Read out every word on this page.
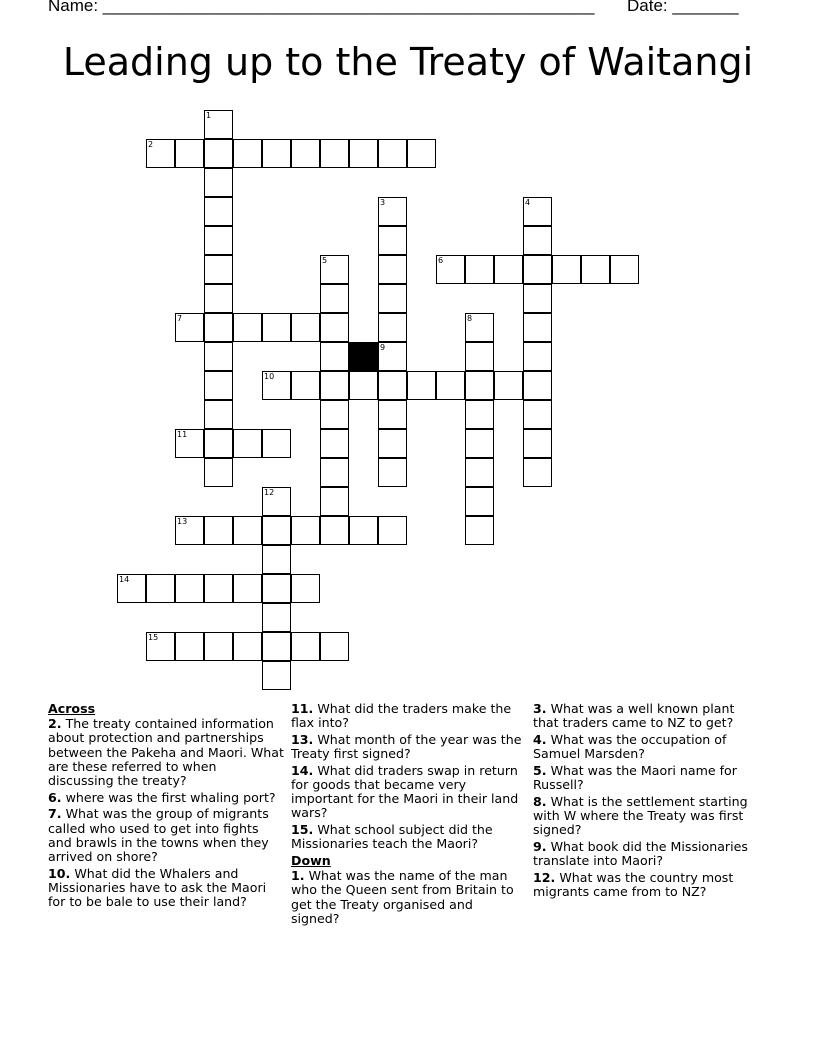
Name: ____________________________________________________ Date: _______
Leading up to the Treaty of Waitangi
1
2
3
9
4
5	6
7	8
10
11
12
13
14
15
Across
2. The treaty contained information about protection and partnerships between the Pakeha and Maori. What are these referred to when discussing the treaty?
6. where was the first whaling port?
7. What was the group of migrants called who used to get into fights and brawls in the towns when they arrived on shore?
10. What did the Whalers and Missionaries have to ask the Maori for to be bale to use their land?
11. What did the traders make the flax into?
13. What month of the year was the Treaty first signed?
14. What did traders swap in return for goods that became very important for the Maori in their land wars?
15. What school subject did the Missionaries teach the Maori?
Down
1. What was the name of the man who the Queen sent from Britain to get the Treaty organised and signed?
3. What was a well known plant that traders came to NZ to get?
4. What was the occupation of Samuel Marsden?
5. What was the Maori name for Russell?
8. What is the settlement starting with W where the Treaty was first signed?
9. What book did the Missionaries translate into Maori?
12. What was the country most migrants came from to NZ?
